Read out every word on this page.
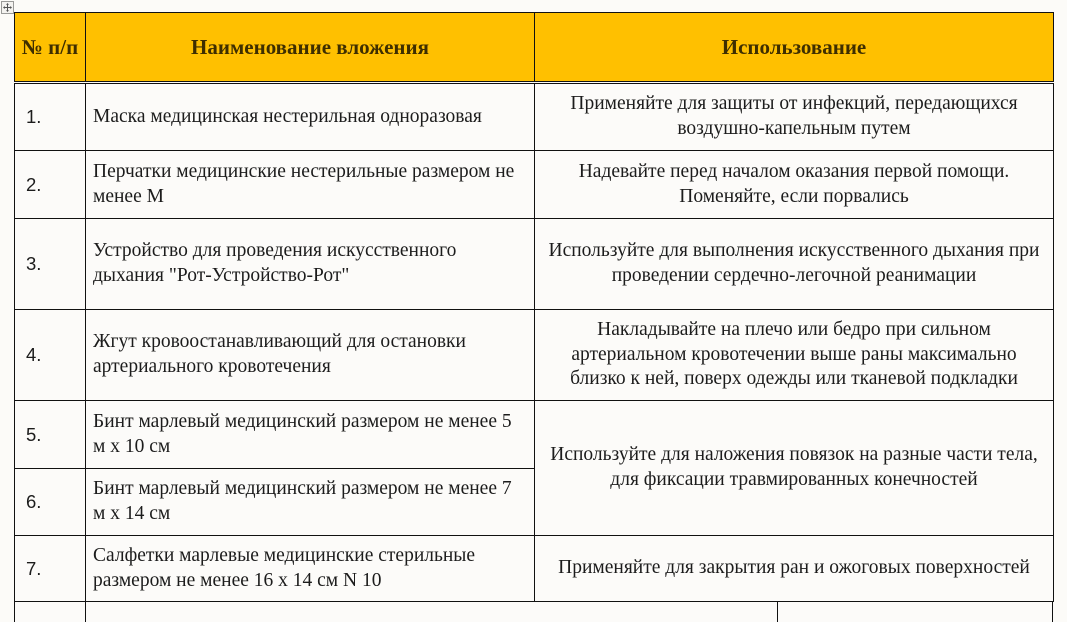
№ п/п	Наименование вложения	Использование
1.	Маска медицинская нестерильная одноразовая	Применяйте для защиты от инфекций, передающихся воздушно-капельным путем
2.	Перчатки медицинские нестерильные размером не менее М	Надевайте перед началом оказания первой помощи. Поменяйте, если порвались
3.	Устройство для проведения искусственного дыхания "Рот-Устройство-Рот"	Используйте для выполнения искусственного дыхания при проведении сердечно-легочной реанимации
4.	Жгут кровоостанавливающий для остановки артериального кровотечения	Накладывайте на плечо или бедро при сильном артериальном кровотечении выше раны максимально близко к ней, поверх одежды или тканевой подкладки
5.	Бинт марлевый медицинский размером не менее 5 м х 10 см	Используйте для наложения повязок на разные части тела, для фиксации травмированных конечностей
6.	Бинт марлевый медицинский размером не менее 7 м х 14 см	
7.	Салфетки марлевые медицинские стерильные размером не менее 16 х 14 см N 10	Применяйте для закрытия ран и ожоговых поверхностей
